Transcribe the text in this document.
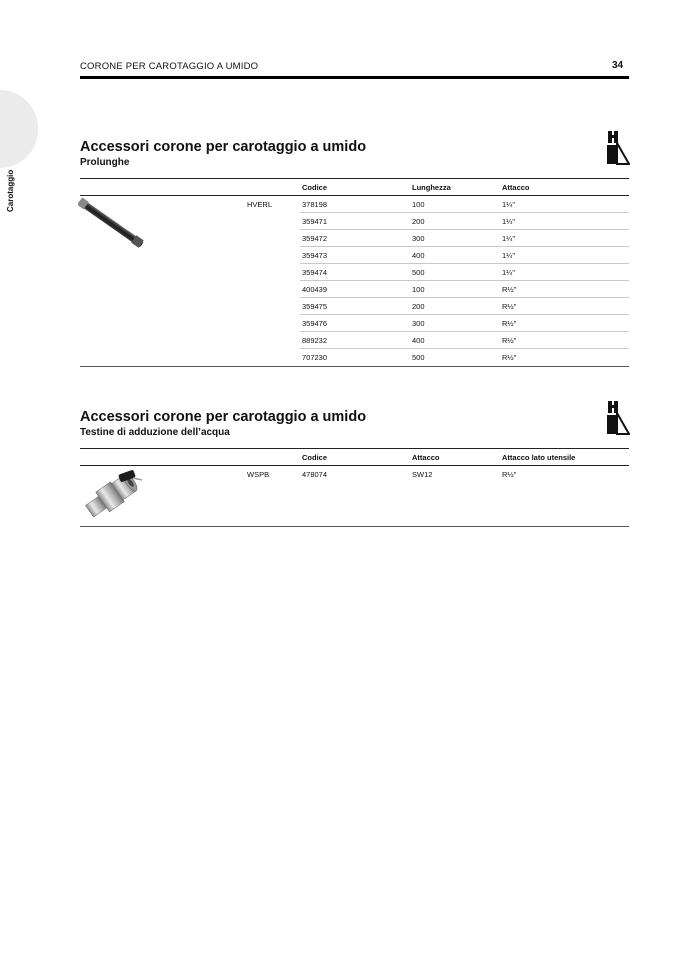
Carotaggio
CORONE PER CAROTAGGIO A UMIDO	34
Accessori corone per carotaggio a umido
Prolunghe
Codice	Lunghezza	Attacco
HVERL	378198	100	1¼"
359471	200	1¼"
359472	300	1¼"
359473	400	1¼"
359474	500	1¼"
400439	100	R½"
359475	200	R½"
359476	300	R½"
889232	400	R½"
707230	500	R½"
Accessori corone per carotaggio a umido
Testine di adduzione dell’acqua
Codice	Attacco	Attacco lato utensile
WSPB	478074	SW12	R½"
